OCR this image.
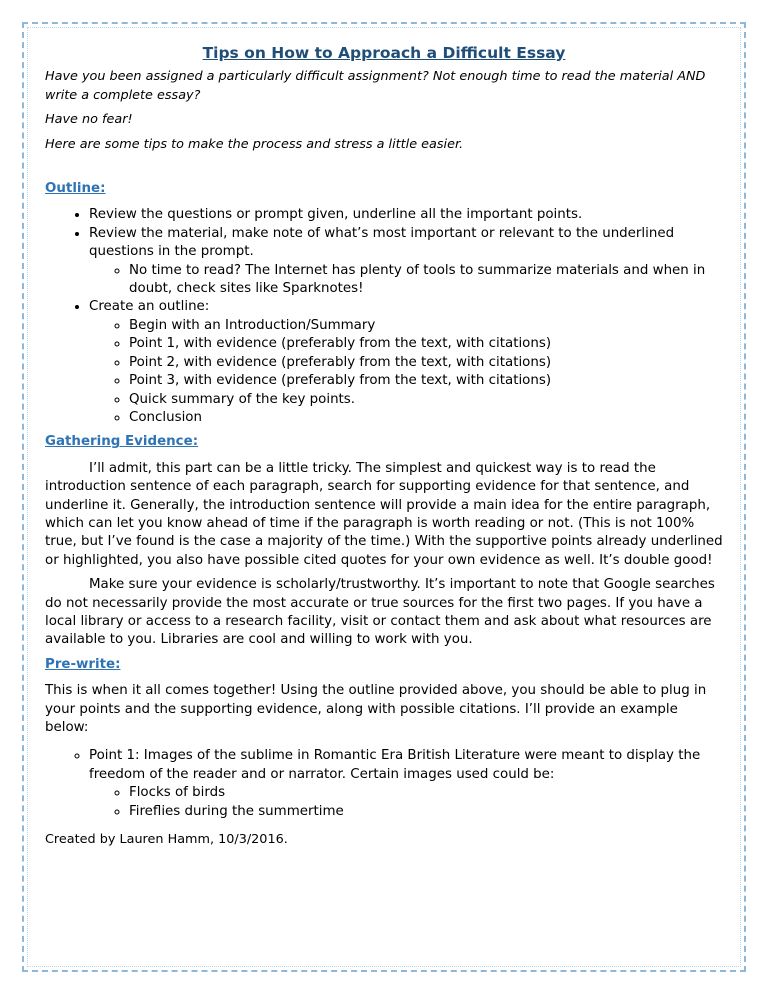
Tips on How to Approach a Difficult Essay

Have you been assigned a particularly difficult assignment? Not enough time to read the material AND write a complete essay?

Have no fear!

Here are some tips to make the process and stress a little easier.

Outline:
• Review the questions or prompt given, underline all the important points.
• Review the material, make note of what’s most important or relevant to the underlined questions in the prompt.
◦ No time to read? The Internet has plenty of tools to summarize materials and when in doubt, check sites like Sparknotes!
• Create an outline:
◦ Begin with an Introduction/Summary
◦ Point 1, with evidence (preferably from the text, with citations)
◦ Point 2, with evidence (preferably from the text, with citations)
◦ Point 3, with evidence (preferably from the text, with citations)
◦ Quick summary of the key points.
◦ Conclusion
Gathering Evidence:

I’ll admit, this part can be a little tricky. The simplest and quickest way is to read the introduction sentence of each paragraph, search for supporting evidence for that sentence, and underline it. Generally, the introduction sentence will provide a main idea for the entire paragraph, which can let you know ahead of time if the paragraph is worth reading or not. (This is not 100% true, but I’ve found is the case a majority of the time.) With the supportive points already underlined or highlighted, you also have possible cited quotes for your own evidence as well. It’s double good!

Make sure your evidence is scholarly/trustworthy. It’s important to note that Google searches do not necessarily provide the most accurate or true sources for the first two pages. If you have a local library or access to a research facility, visit or contact them and ask about what resources are available to you. Libraries are cool and willing to work with you.

Pre-write:

This is when it all comes together! Using the outline provided above, you should be able to plug in your points and the supporting evidence, along with possible citations. I’ll provide an example below:

◦ Point 1: Images of the sublime in Romantic Era British Literature were meant to display the freedom of the reader and or narrator. Certain images used could be:
◦ Flocks of birds
◦ Fireflies during the summertime
Created by Lauren Hamm, 10/3/2016.
